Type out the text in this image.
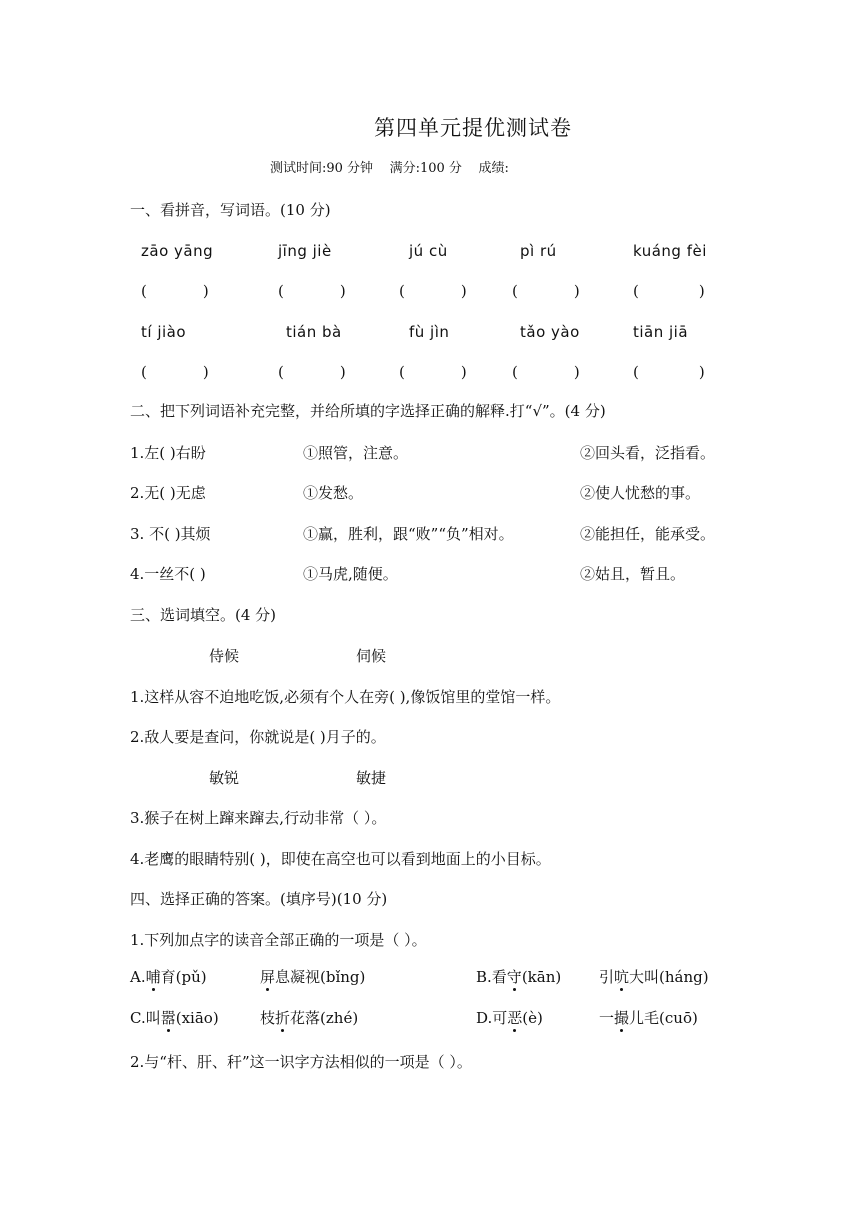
第四单元提优测试卷
测试时间:90 分钟 满分:100 分 成绩:
一、看拼音，写词语。(10 分)
zāo yāng	jīng jiè	jú cù	pì rú	kuáng fèi
(	)	(	)	(	)	(	)	(	)
tí jiào	tián bà	fù jìn	tǎo yào	tiān jiā
(	)	(	)	(	)	(	)	(	)
二、把下列词语补充完整，并给所填的字选择正确的解释.打“√”。(4 分)
1.左( )右盼	①照管，注意。	②回头看，泛指看。
2.无( )无虑	①发愁。	②使人忧愁的事。
3. 不( )其烦	①赢，胜利，跟“败”“负”相对。	②能担任，能承受。
4.一丝不( )	①马虎,随便。	②姑且，暂且。
三、选词填空。(4 分)
侍候	伺候
1.这样从容不迫地吃饭,必须有个人在旁( ),像饭馆里的堂馆一样。
2.敌人要是查问，你就说是( )月子的。
敏锐	敏捷
3.猴子在树上蹿来蹿去,行动非常（ ）。
4.老鹰的眼睛特别( )，即使在高空也可以看到地面上的小目标。
四、选择正确的答案。(填序号)(10 分)
1.下列加点字的读音全部正确的一项是（ ）。
A.哺育(pǔ)	屏息凝视(bǐng)	B.看守(kān)	引吭大叫(háng)
C.叫嚣(xiāo)	枝折花落(zhé)	D.可恶(è)	一撮儿毛(cuō)
2.与“杆、肝、秆”这一识字方法相似的一项是（ ）。
